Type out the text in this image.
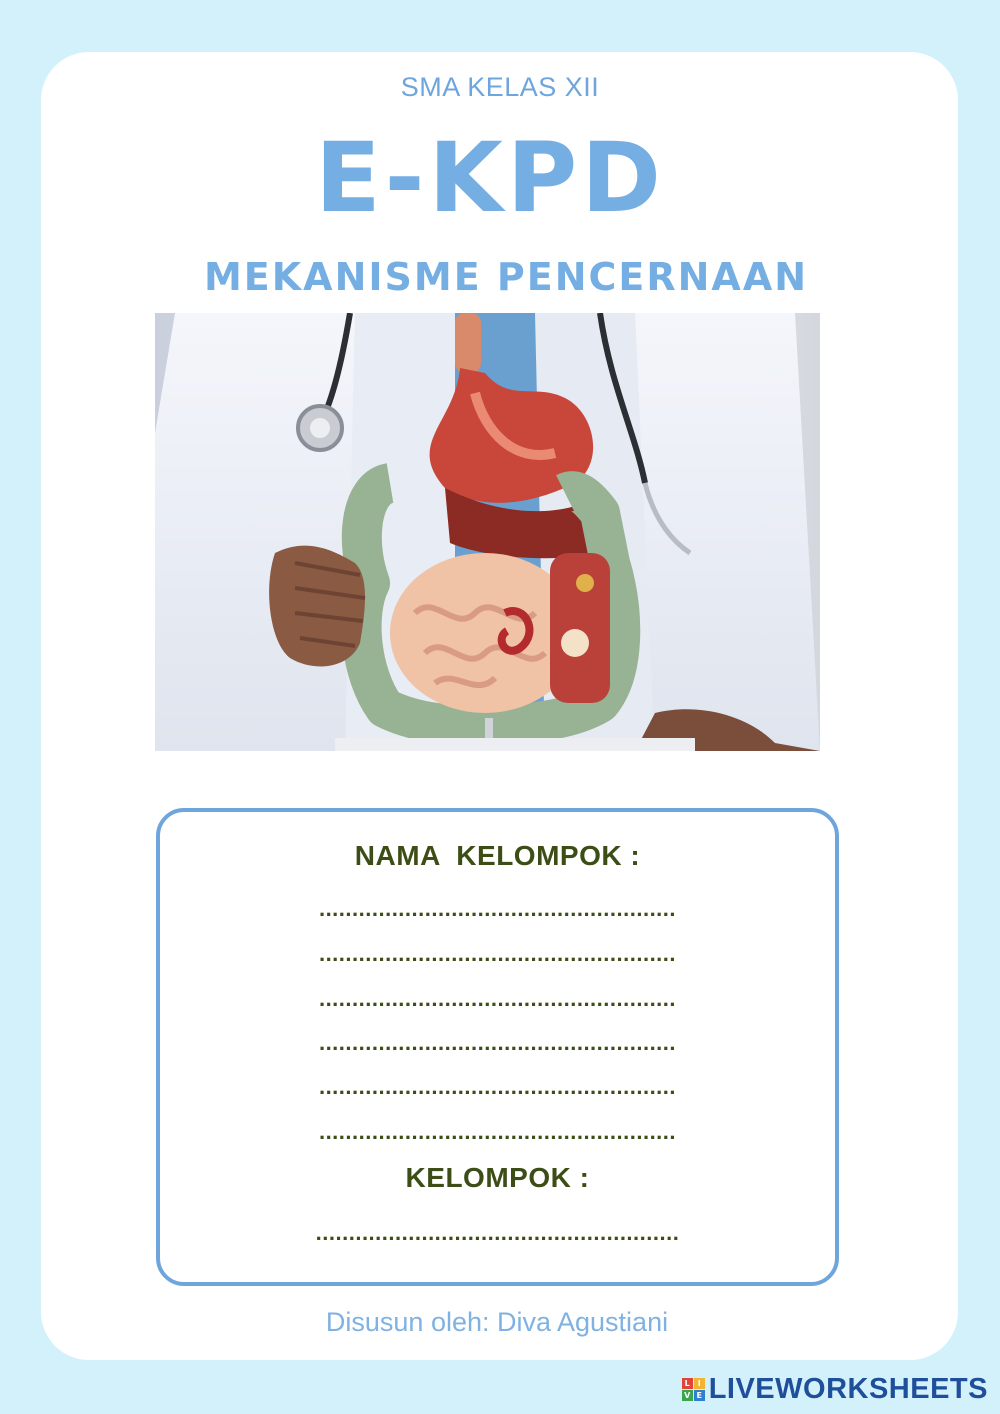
SMA KELAS XII
E-KPD
MEKANISME PENCERNAAN
NAMA  KELOMPOK :
......................................................
......................................................
......................................................
......................................................
......................................................
......................................................
KELOMPOK :
.......................................................
Disusun oleh: Diva Agustiani
L I
V E LIVEWORKSHEETS
